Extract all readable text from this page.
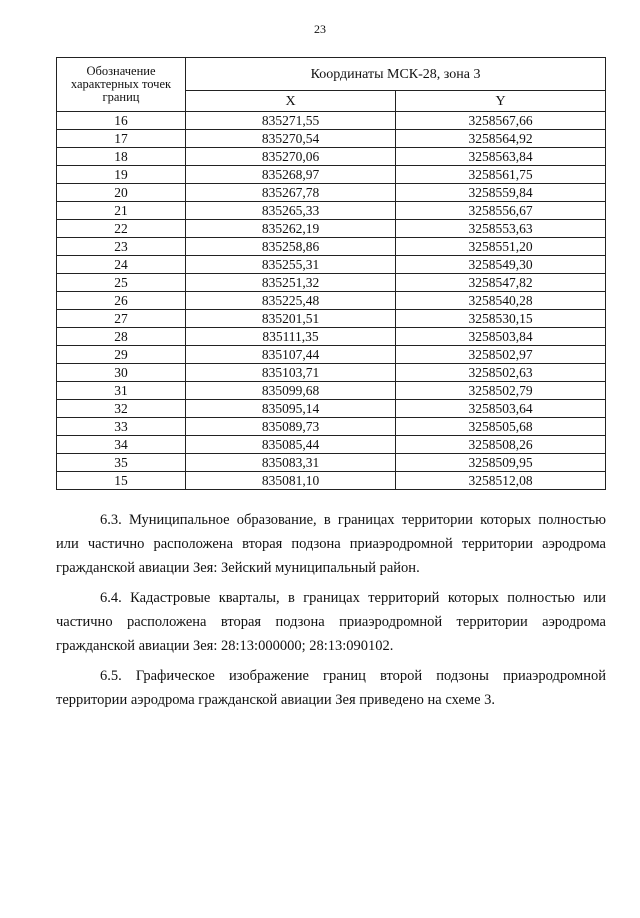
23
Обозначение характерных точек границ	Координаты МСК-28, зона 3	
	X	Y
16	835271,55	3258567,66
17	835270,54	3258564,92
18	835270,06	3258563,84
19	835268,97	3258561,75
20	835267,78	3258559,84
21	835265,33	3258556,67
22	835262,19	3258553,63
23	835258,86	3258551,20
24	835255,31	3258549,30
25	835251,32	3258547,82
26	835225,48	3258540,28
27	835201,51	3258530,15
28	835111,35	3258503,84
29	835107,44	3258502,97
30	835103,71	3258502,63
31	835099,68	3258502,79
32	835095,14	3258503,64
33	835089,73	3258505,68
34	835085,44	3258508,26
35	835083,31	3258509,95
15	835081,10	3258512,08

6.3. Муниципальное образование, в границах территории которых полностью или частично расположена вторая подзона приаэродромной территории аэродрома гражданской авиации Зея: Зейский муниципальный район.

6.4. Кадастровые кварталы, в границах территорий которых полностью или частично расположена вторая подзона приаэродромной территории аэродрома гражданской авиации Зея: 28:13:000000; 28:13:090102.

6.5. Графическое изображение границ второй подзоны приаэродромной территории аэродрома гражданской авиации Зея приведено на схеме 3.
